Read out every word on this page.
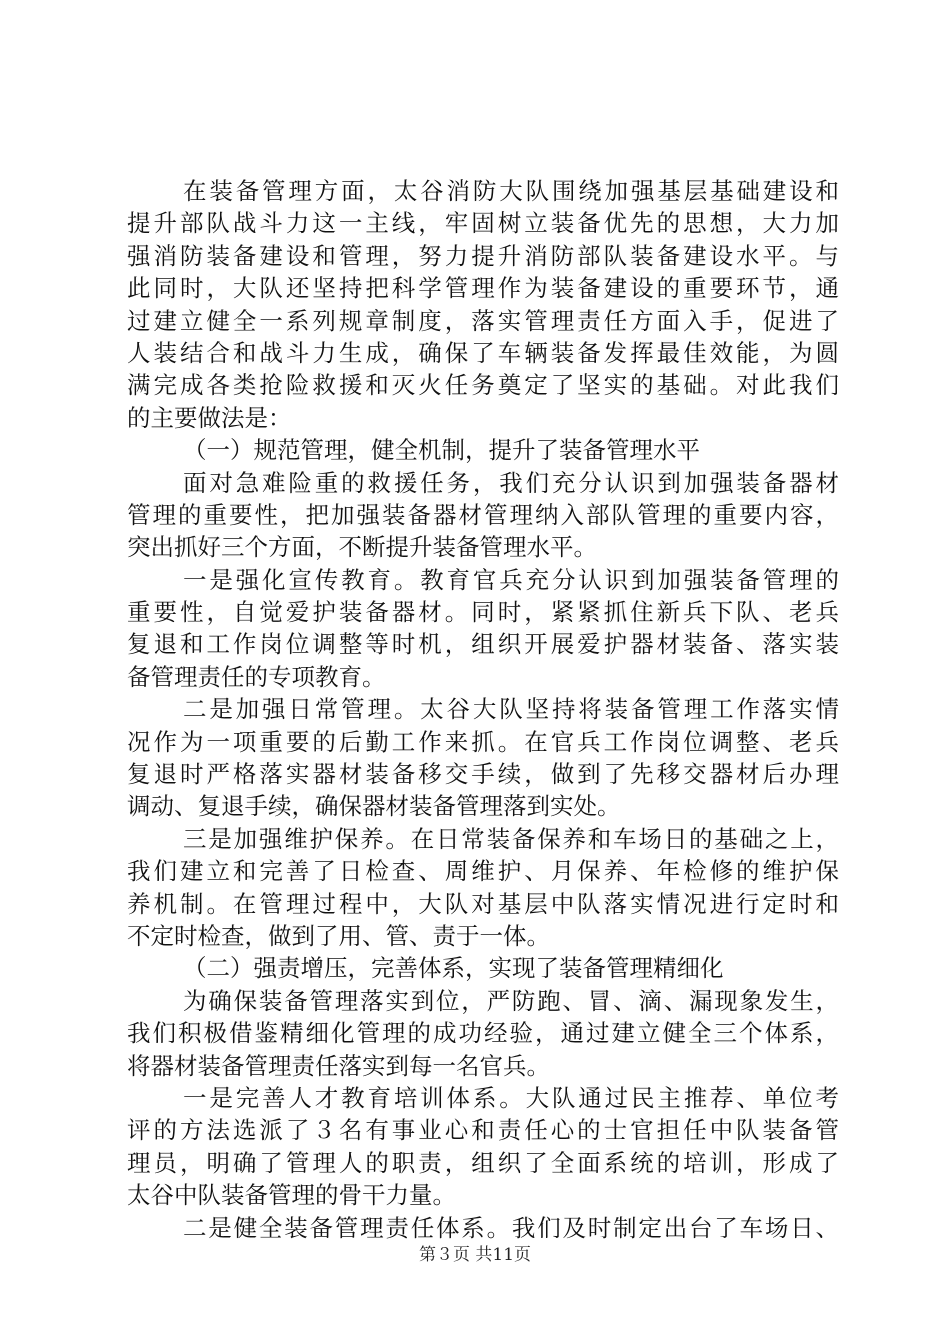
在装备管理方面，太谷消防大队围绕加强基层基础建设和
提升部队战斗力这一主线，牢固树立装备优先的思想，大力加
强消防装备建设和管理，努力提升消防部队装备建设水平。与
此同时，大队还坚持把科学管理作为装备建设的重要环节，通
过建立健全一系列规章制度，落实管理责任方面入手，促进了
人装结合和战斗力生成，确保了车辆装备发挥最佳效能，为圆
满完成各类抢险救援和灭火任务奠定了坚实的基础。对此我们
的主要做法是：
（一）规范管理，健全机制，提升了装备管理水平
面对急难险重的救援任务，我们充分认识到加强装备器材
管理的重要性，把加强装备器材管理纳入部队管理的重要内容，
突出抓好三个方面，不断提升装备管理水平。
一是强化宣传教育。教育官兵充分认识到加强装备管理的
重要性，自觉爱护装备器材。同时，紧紧抓住新兵下队、老兵
复退和工作岗位调整等时机，组织开展爱护器材装备、落实装
备管理责任的专项教育。
二是加强日常管理。太谷大队坚持将装备管理工作落实情
况作为一项重要的后勤工作来抓。在官兵工作岗位调整、老兵
复退时严格落实器材装备移交手续，做到了先移交器材后办理
调动、复退手续，确保器材装备管理落到实处。
三是加强维护保养。在日常装备保养和车场日的基础之上，
我们建立和完善了日检查、周维护、月保养、年检修的维护保
养机制。在管理过程中，大队对基层中队落实情况进行定时和
不定时检查，做到了用、管、责于一体。
（二）强责增压，完善体系，实现了装备管理精细化
为确保装备管理落实到位，严防跑、冒、滴、漏现象发生，
我们积极借鉴精细化管理的成功经验，通过建立健全三个体系，
将器材装备管理责任落实到每一名官兵。
一是完善人才教育培训体系。大队通过民主推荐、单位考
评的方法选派了３名有事业心和责任心的士官担任中队装备管
理员，明确了管理人的职责，组织了全面系统的培训，形成了
太谷中队装备管理的骨干力量。
二是健全装备管理责任体系。我们及时制定出台了车场日、
第３页 共11页
